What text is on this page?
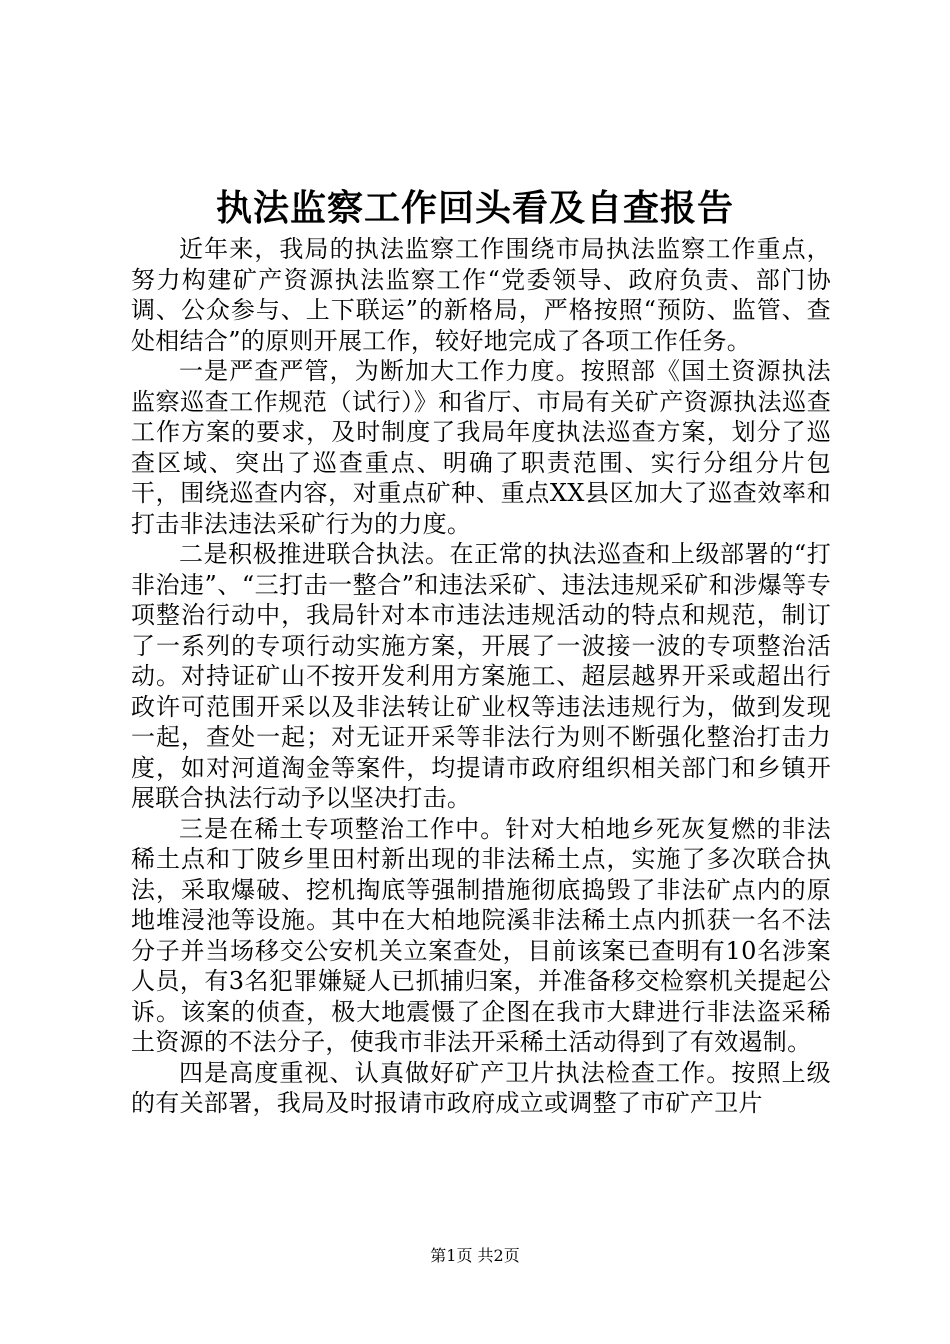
执法监察工作回头看及自查报告

近年来，我局的执法监察工作围绕市局执法监察工作重点，努力构建矿产资源执法监察工作“党委领导、政府负责、部门协调、公众参与、上下联运”的新格局，严格按照“预防、监管、查处相结合”的原则开展工作，较好地完成了各项工作任务。

一是严查严管，为断加大工作力度。按照部《国土资源执法监察巡查工作规范（试行）》和省厅、市局有关矿产资源执法巡查工作方案的要求，及时制度了我局年度执法巡查方案，划分了巡查区域、突出了巡查重点、明确了职责范围、实行分组分片包干，围绕巡查内容，对重点矿种、重点XX县区加大了巡查效率和打击非法违法采矿行为的力度。

二是积极推进联合执法。在正常的执法巡查和上级部署的“打非治违”、“三打击一整合”和违法采矿、违法违规采矿和涉爆等专项整治行动中，我局针对本市违法违规活动的特点和规范，制订了一系列的专项行动实施方案，开展了一波接一波的专项整治活动。对持证矿山不按开发利用方案施工、超层越界开采或超出行政许可范围开采以及非法转让矿业权等违法违规行为，做到发现一起，查处一起；对无证开采等非法行为则不断强化整治打击力度，如对河道淘金等案件，均提请市政府组织相关部门和乡镇开展联合执法行动予以坚决打击。

三是在稀土专项整治工作中。针对大柏地乡死灰复燃的非法稀土点和丁陂乡里田村新出现的非法稀土点，实施了多次联合执法，采取爆破、挖机掏底等强制措施彻底捣毁了非法矿点内的原地堆浸池等设施。其中在大柏地院溪非法稀土点内抓获一名不法分子并当场移交公安机关立案查处，目前该案已查明有10名涉案人员，有3名犯罪嫌疑人已抓捕归案，并准备移交检察机关提起公诉。该案的侦查，极大地震慑了企图在我市大肆进行非法盗采稀土资源的不法分子，使我市非法开采稀土活动得到了有效遏制。

四是高度重视、认真做好矿产卫片执法检查工作。按照上级的有关部署，我局及时报请市政府成立或调整了市矿产卫片

第1页 共2页
